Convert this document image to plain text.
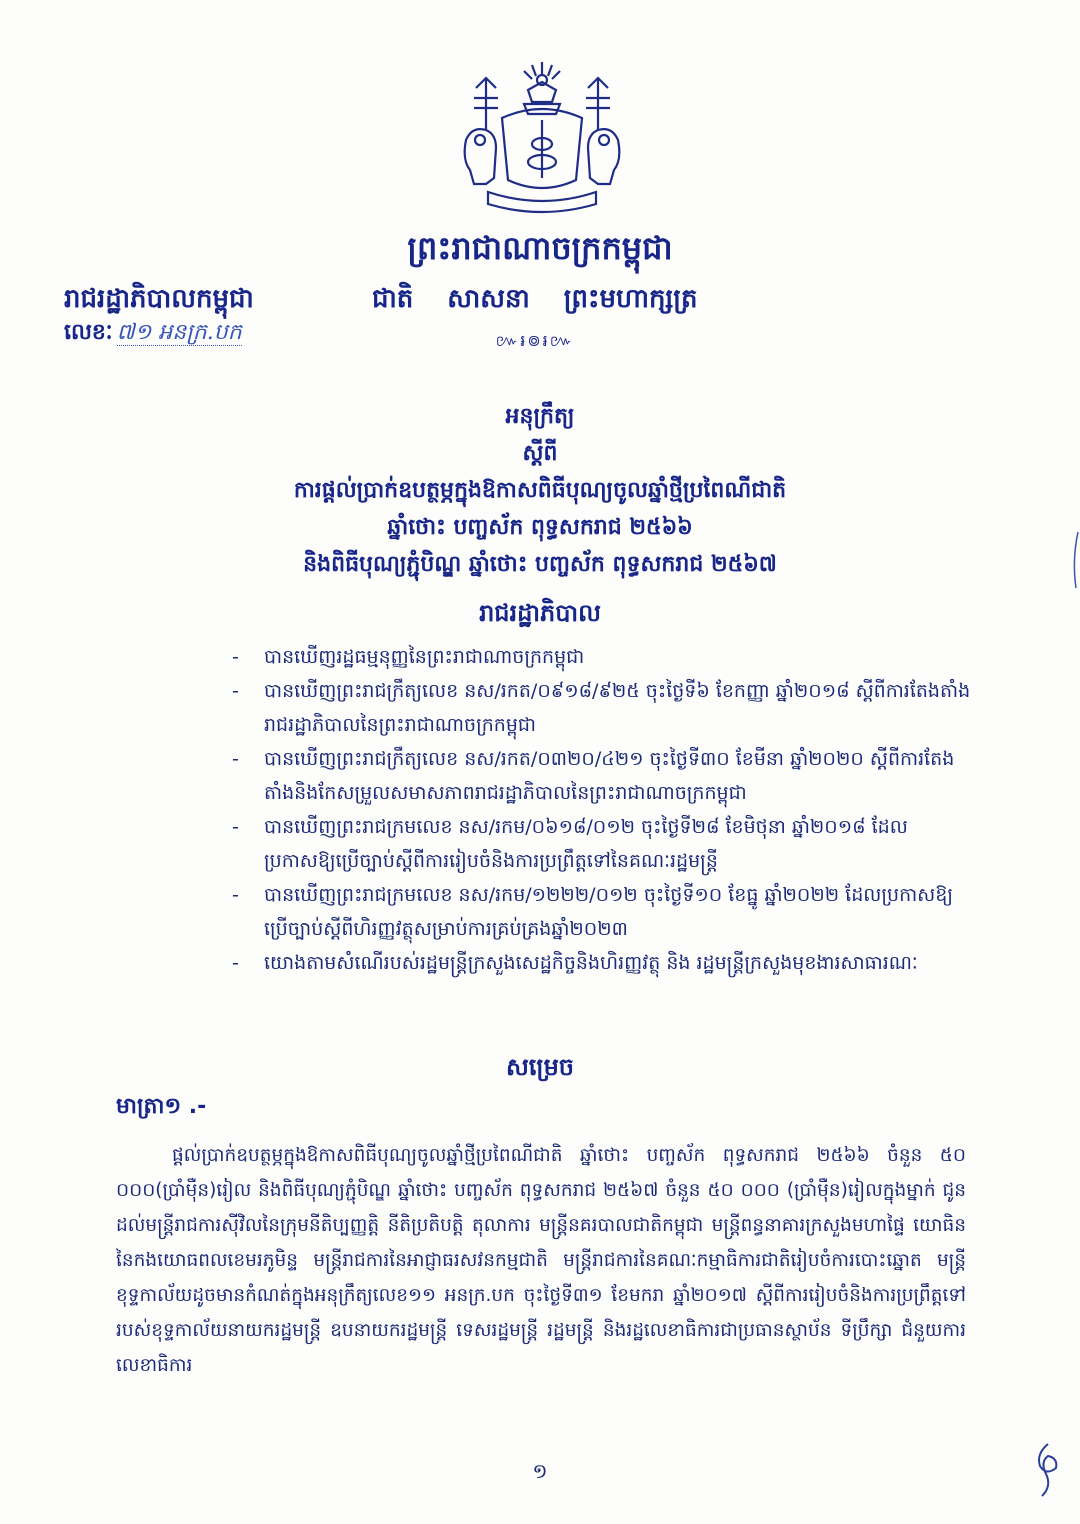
ព្រះរាជាណាចក្រកម្ពុជា
រាជរដ្ឋាភិបាលកម្ពុជា
លេខៈ ៧១ អនក្រ.បក
ជាតិ សាសនា ព្រះមហាក្សត្រ
៚៛៙៛៚
អនុក្រឹត្យ
ស្តីពី
ការផ្តល់ប្រាក់ឧបត្ថម្ភក្នុងឱកាសពិធីបុណ្យចូលឆ្នាំថ្មីប្រពៃណីជាតិ
ឆ្នាំថោះ បញ្ចស័ក ពុទ្ធសករាជ ២៥៦៦
និងពិធីបុណ្យភ្ជុំបិណ្ឌ ឆ្នាំថោះ បញ្ចស័ក ពុទ្ធសករាជ ២៥៦៧
រាជរដ្ឋាភិបាល
- បានឃើញរដ្ឋធម្មនុញ្ញនៃព្រះរាជាណាចក្រកម្ពុជា
- បានឃើញព្រះរាជក្រឹត្យលេខ នស/រកត/០៩១៨/៩២៥ ចុះថ្ងៃទី៦ ខែកញ្ញា ឆ្នាំ២០១៨ ស្តីពីការតែងតាំងរាជរដ្ឋាភិបាលនៃព្រះរាជាណាចក្រកម្ពុជា
- បានឃើញព្រះរាជក្រឹត្យលេខ នស/រកត/០៣២០/៤២១ ចុះថ្ងៃទី៣០ ខែមីនា ឆ្នាំ២០២០ ស្តីពីការតែងតាំងនិងកែសម្រួលសមាសភាពរាជរដ្ឋាភិបាលនៃព្រះរាជាណាចក្រកម្ពុជា
- បានឃើញព្រះរាជក្រមលេខ នស/រកម/០៦១៨/០១២ ចុះថ្ងៃទី២៨ ខែមិថុនា ឆ្នាំ២០១៨ ដែលប្រកាសឱ្យប្រើច្បាប់ស្តីពីការរៀបចំនិងការប្រព្រឹត្តទៅនៃគណៈរដ្ឋមន្ត្រី
- បានឃើញព្រះរាជក្រមលេខ នស/រកម/១២២២/០១២ ចុះថ្ងៃទី១០ ខែធ្នូ ឆ្នាំ២០២២ ដែលប្រកាសឱ្យប្រើច្បាប់ស្តីពីហិរញ្ញវត្ថុសម្រាប់ការគ្រប់គ្រងឆ្នាំ២០២៣
- យោងតាមសំណើរបស់រដ្ឋមន្ត្រីក្រសួងសេដ្ឋកិច្ចនិងហិរញ្ញវត្ថុ និង រដ្ឋមន្ត្រីក្រសួងមុខងារសាធារណៈ
សម្រេច
មាត្រា១ .-
ផ្តល់ប្រាក់ឧបត្ថម្ភក្នុងឱកាសពិធីបុណ្យចូលឆ្នាំថ្មីប្រពៃណីជាតិ ឆ្នាំថោះ បញ្ចស័ក ពុទ្ធសករាជ ២៥៦៦ ចំនួន ៥០ ០០០(ប្រាំម៉ឺន)រៀល និងពិធីបុណ្យភ្ជុំបិណ្ឌ ឆ្នាំថោះ បញ្ចស័ក ពុទ្ធសករាជ ២៥៦៧ ចំនួន ៥០ ០០០ (ប្រាំម៉ឺន)រៀលក្នុងម្នាក់ ជូនដល់មន្ត្រីរាជការស៊ីវិលនៃក្រុមនីតិប្បញ្ញត្តិ នីតិប្រតិបត្តិ តុលាការ មន្ត្រីនគរបាលជាតិកម្ពុជា មន្ត្រីពន្ធនាគារក្រសួងមហាផ្ទៃ យោធិននៃកងយោធពលខេមរភូមិន្ទ មន្ត្រីរាជការនៃអាជ្ញាធរសវនកម្មជាតិ មន្ត្រីរាជការនៃគណៈកម្មាធិការជាតិរៀបចំការបោះឆ្នោត មន្ត្រីខុទ្ទកាល័យដូចមានកំណត់ក្នុងអនុក្រឹត្យលេខ១១ អនក្រ.បក ចុះថ្ងៃទី៣១ ខែមករា ឆ្នាំ២០១៧ ស្តីពីការរៀបចំនិងការប្រព្រឹត្តទៅរបស់ខុទ្ទកាល័យនាយករដ្ឋមន្ត្រី ឧបនាយករដ្ឋមន្ត្រី ទេសរដ្ឋមន្ត្រី រដ្ឋមន្ត្រី និងរដ្ឋលេខាធិការជាប្រធានស្ថាប័ន ទីប្រឹក្សា ជំនួយការ លេខាធិការ
១
